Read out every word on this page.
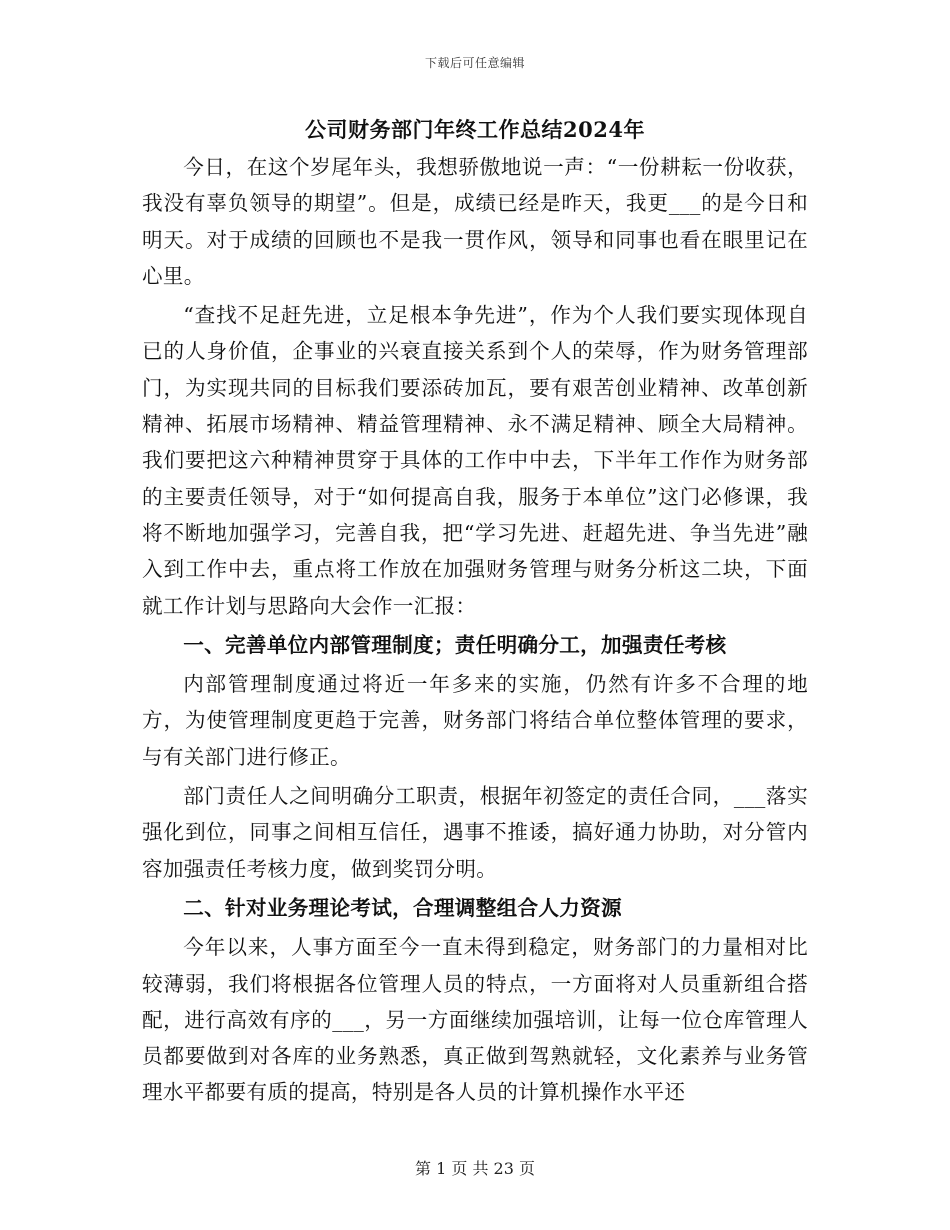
下载后可任意编辑
公司财务部门年终工作总结2024年

今日，在这个岁尾年头，我想骄傲地说一声：“一份耕耘一份收获，我没有辜负领导的期望”。但是，成绩已经是昨天，我更___的是今日和明天。对于成绩的回顾也不是我一贯作风，领导和同事也看在眼里记在心里。

“查找不足赶先进，立足根本争先进”，作为个人我们要实现体现自已的人身价值，企事业的兴衰直接关系到个人的荣辱，作为财务管理部门，为实现共同的目标我们要添砖加瓦，要有艰苦创业精神、改革创新精神、拓展市场精神、精益管理精神、永不满足精神、顾全大局精神。我们要把这六种精神贯穿于具体的工作中中去，下半年工作作为财务部的主要责任领导，对于“如何提高自我，服务于本单位”这门必修课，我将不断地加强学习，完善自我，把“学习先进、赶超先进、争当先进”融入到工作中去，重点将工作放在加强财务管理与财务分析这二块，下面就工作计划与思路向大会作一汇报：

一、完善单位内部管理制度；责任明确分工，加强责任考核

内部管理制度通过将近一年多来的实施，仍然有许多不合理的地方，为使管理制度更趋于完善，财务部门将结合单位整体管理的要求，与有关部门进行修正。

部门责任人之间明确分工职责，根据年初签定的责任合同，___落实强化到位，同事之间相互信任，遇事不推诿，搞好通力协助，对分管内容加强责任考核力度，做到奖罚分明。

二、针对业务理论考试，合理调整组合人力资源

今年以来，人事方面至今一直未得到稳定，财务部门的力量相对比较薄弱，我们将根据各位管理人员的特点，一方面将对人员重新组合搭配，进行高效有序的___，另一方面继续加强培训，让每一位仓库管理人员都要做到对各库的业务熟悉，真正做到驾熟就轻，文化素养与业务管理水平都要有质的提高，特别是各人员的计算机操作水平还

第 1 页 共 23 页
